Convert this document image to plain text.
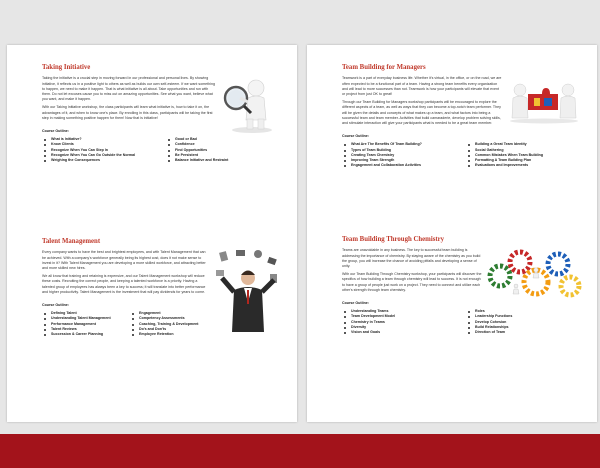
Taking Initiative
Taking the initiative is a crucial step in moving forward in our professional and personal lives. By showing initiative, it reflects us in a positive light to others as well as builds our own self-esteem. If we want something to happen, we need to make it happen. That is what initiative is all about. Take opportunities and run with them. Do not let excuses cause you to miss out on amazing opportunities. See what you want, believe what you want, and make it happen.
With our Taking Initiative workshop, the class participants will learn what initiative is, how to take it on, the advantages of it, and when to know one's place. By enrolling in this class, participants will be taking the first step in making something positive happen for them! Now that is initiative!
Course Outline:
What is Initiative?
Know Clients
Recognize When You Can Step In
Recognize When You Can Go Outside the Normal
Weighing the Consequences
Good or Bad
Confidence
Find Opportunities
Be Persistent
Balance Initiative and Restraint
Talent Management
Every company wants to have the best and brightest employees, and with Talent Management that can be achieved. With a company's workforce generally being its highest cost, does it not make sense to invest in it? With Talent Management you are developing a more skilled workforce, and attracting better and more skilled new hires.
We all know that training and retaining is expensive, and our Talent Management workshop will reduce these costs. Recruiting the correct people, and keeping a talented workforce is a priority. Having a talented group of employees has always been a key to success; it will translate into better performance and higher productivity. Talent Management is the investment that will pay dividends for years to come.
Course Outline:
Defining Talent
Understanding Talent Management
Performance Management
Talent Reviews
Succession & Career Planning
Engagement
Competency Assessments
Coaching, Training & Development
Do's and Don'ts
Employee Retention
Team Building for Managers
Teamwork is a part of everyday business life. Whether it's virtual, in the office, or on the road, we are often expected to be a functional part of a team. Having a strong team benefits every organization and will lead to more successes than not. Teamwork is how your participants will elevate that event or project from just OK to great!
Through our Team Building for Managers workshop participants will be encouraged to explore the different aspects of a team, as well as ways that they can become a top-notch team performer. They will be given the details and concepts of what makes up a team, and what factors into being a successful team and team member. Activities that build camaraderie, develop problem solving skills, and stimulate interaction will give your participants what is needed to be a great team member.
Course Outline:
What Are The Benefits Of Team Building?
Types of Team Building
Creating Team Chemistry
Improving Team Strength
Engagement and Collaboration Activities
Building a Great Team Identity
Social Gathering
Common Mistakes When Team Building
Formatting A Team Building Plan
Evaluations and Improvements
Team Building Through Chemistry
Teams are unavoidable in any business. The key to successful team building is addressing the importance of chemistry. By staying aware of the chemistry as you build the group, you will increase the chance of avoiding pitfalls and developing a sense of unity.
With our Team Building Through Chemistry workshop, your participants will discover the specifics of how building a team through chemistry will lead to success. It is not enough to have a group of people just work on a project. They need to connect and utilize each other's strength through team chemistry.
Course Outline:
Understanding Teams
Team Development Model
Chemistry in Teams
Diversity
Vision and Goals
Roles
Leadership Functions
Develop Cohesion
Build Relationships
Direction of Team
